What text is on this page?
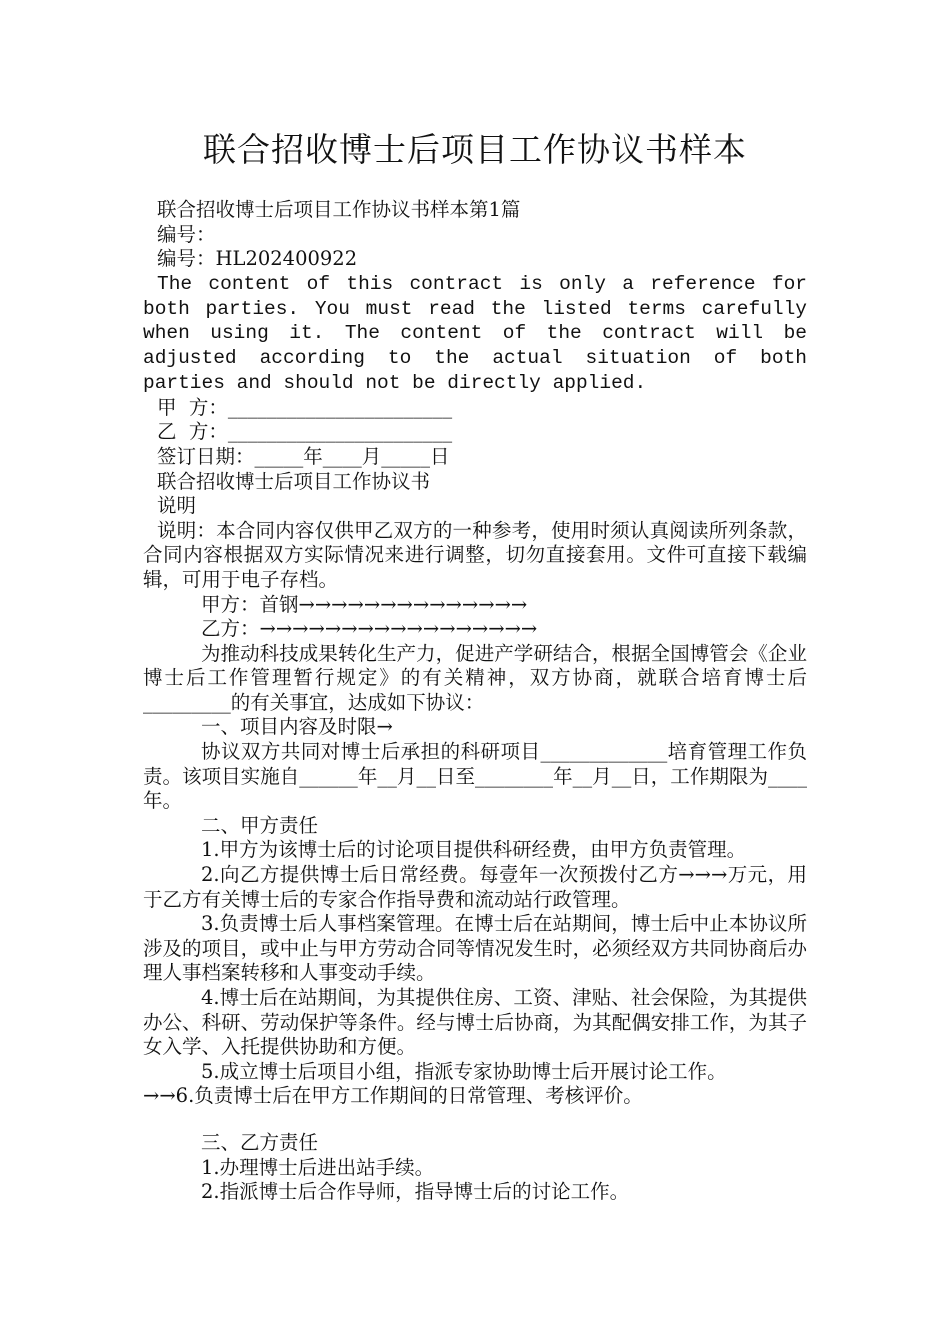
联合招收博士后项目工作协议书样本

联合招收博士后项目工作协议书样本第1篇

编号：

编号：HL202400922

The content of this contract is only a reference for both parties. You must read the listed terms carefully when using it. The content of the contract will be adjusted according to the actual situation of both parties and should not be directly applied.

甲  方：_______________________

乙  方：_______________________

签订日期：_____年____月_____日

联合招收博士后项目工作协议书

说明

说明：本合同内容仅供甲乙双方的一种参考，使用时须认真阅读所列条款，合同内容根据双方实际情况来进行调整，切勿直接套用。文件可直接下载编辑，可用于电子存档。

甲方：首钢→→→→→→→→→→→→→→

乙方：→→→→→→→→→→→→→→→→→

为推动科技成果转化生产力，促进产学研结合，根据全国博管会《企业博士后工作管理暂行规定》的有关精神，双方协商，就联合培育博士后_________的有关事宜，达成如下协议：

一、项目内容及时限→

协议双方共同对博士后承担的科研项目_____________培育管理工作负责。该项目实施自______年__月__日至________年__月__日，工作期限为____年。

二、甲方责任

1.甲方为该博士后的讨论项目提供科研经费，由甲方负责管理。

2.向乙方提供博士后日常经费。每壹年一次预拨付乙方→→→万元，用于乙方有关博士后的专家合作指导费和流动站行政管理。

3.负责博士后人事档案管理。在博士后在站期间，博士后中止本协议所涉及的项目，或中止与甲方劳动合同等情况发生时，必须经双方共同协商后办理人事档案转移和人事变动手续。

4.博士后在站期间，为其提供住房、工资、津贴、社会保险，为其提供办公、科研、劳动保护等条件。经与博士后协商，为其配偶安排工作，为其子女入学、入托提供协助和方便。

5.成立博士后项目小组，指派专家协助博士后开展讨论工作。

→→6.负责博士后在甲方工作期间的日常管理、考核评价。

三、乙方责任

1.办理博士后进出站手续。

2.指派博士后合作导师，指导博士后的讨论工作。
